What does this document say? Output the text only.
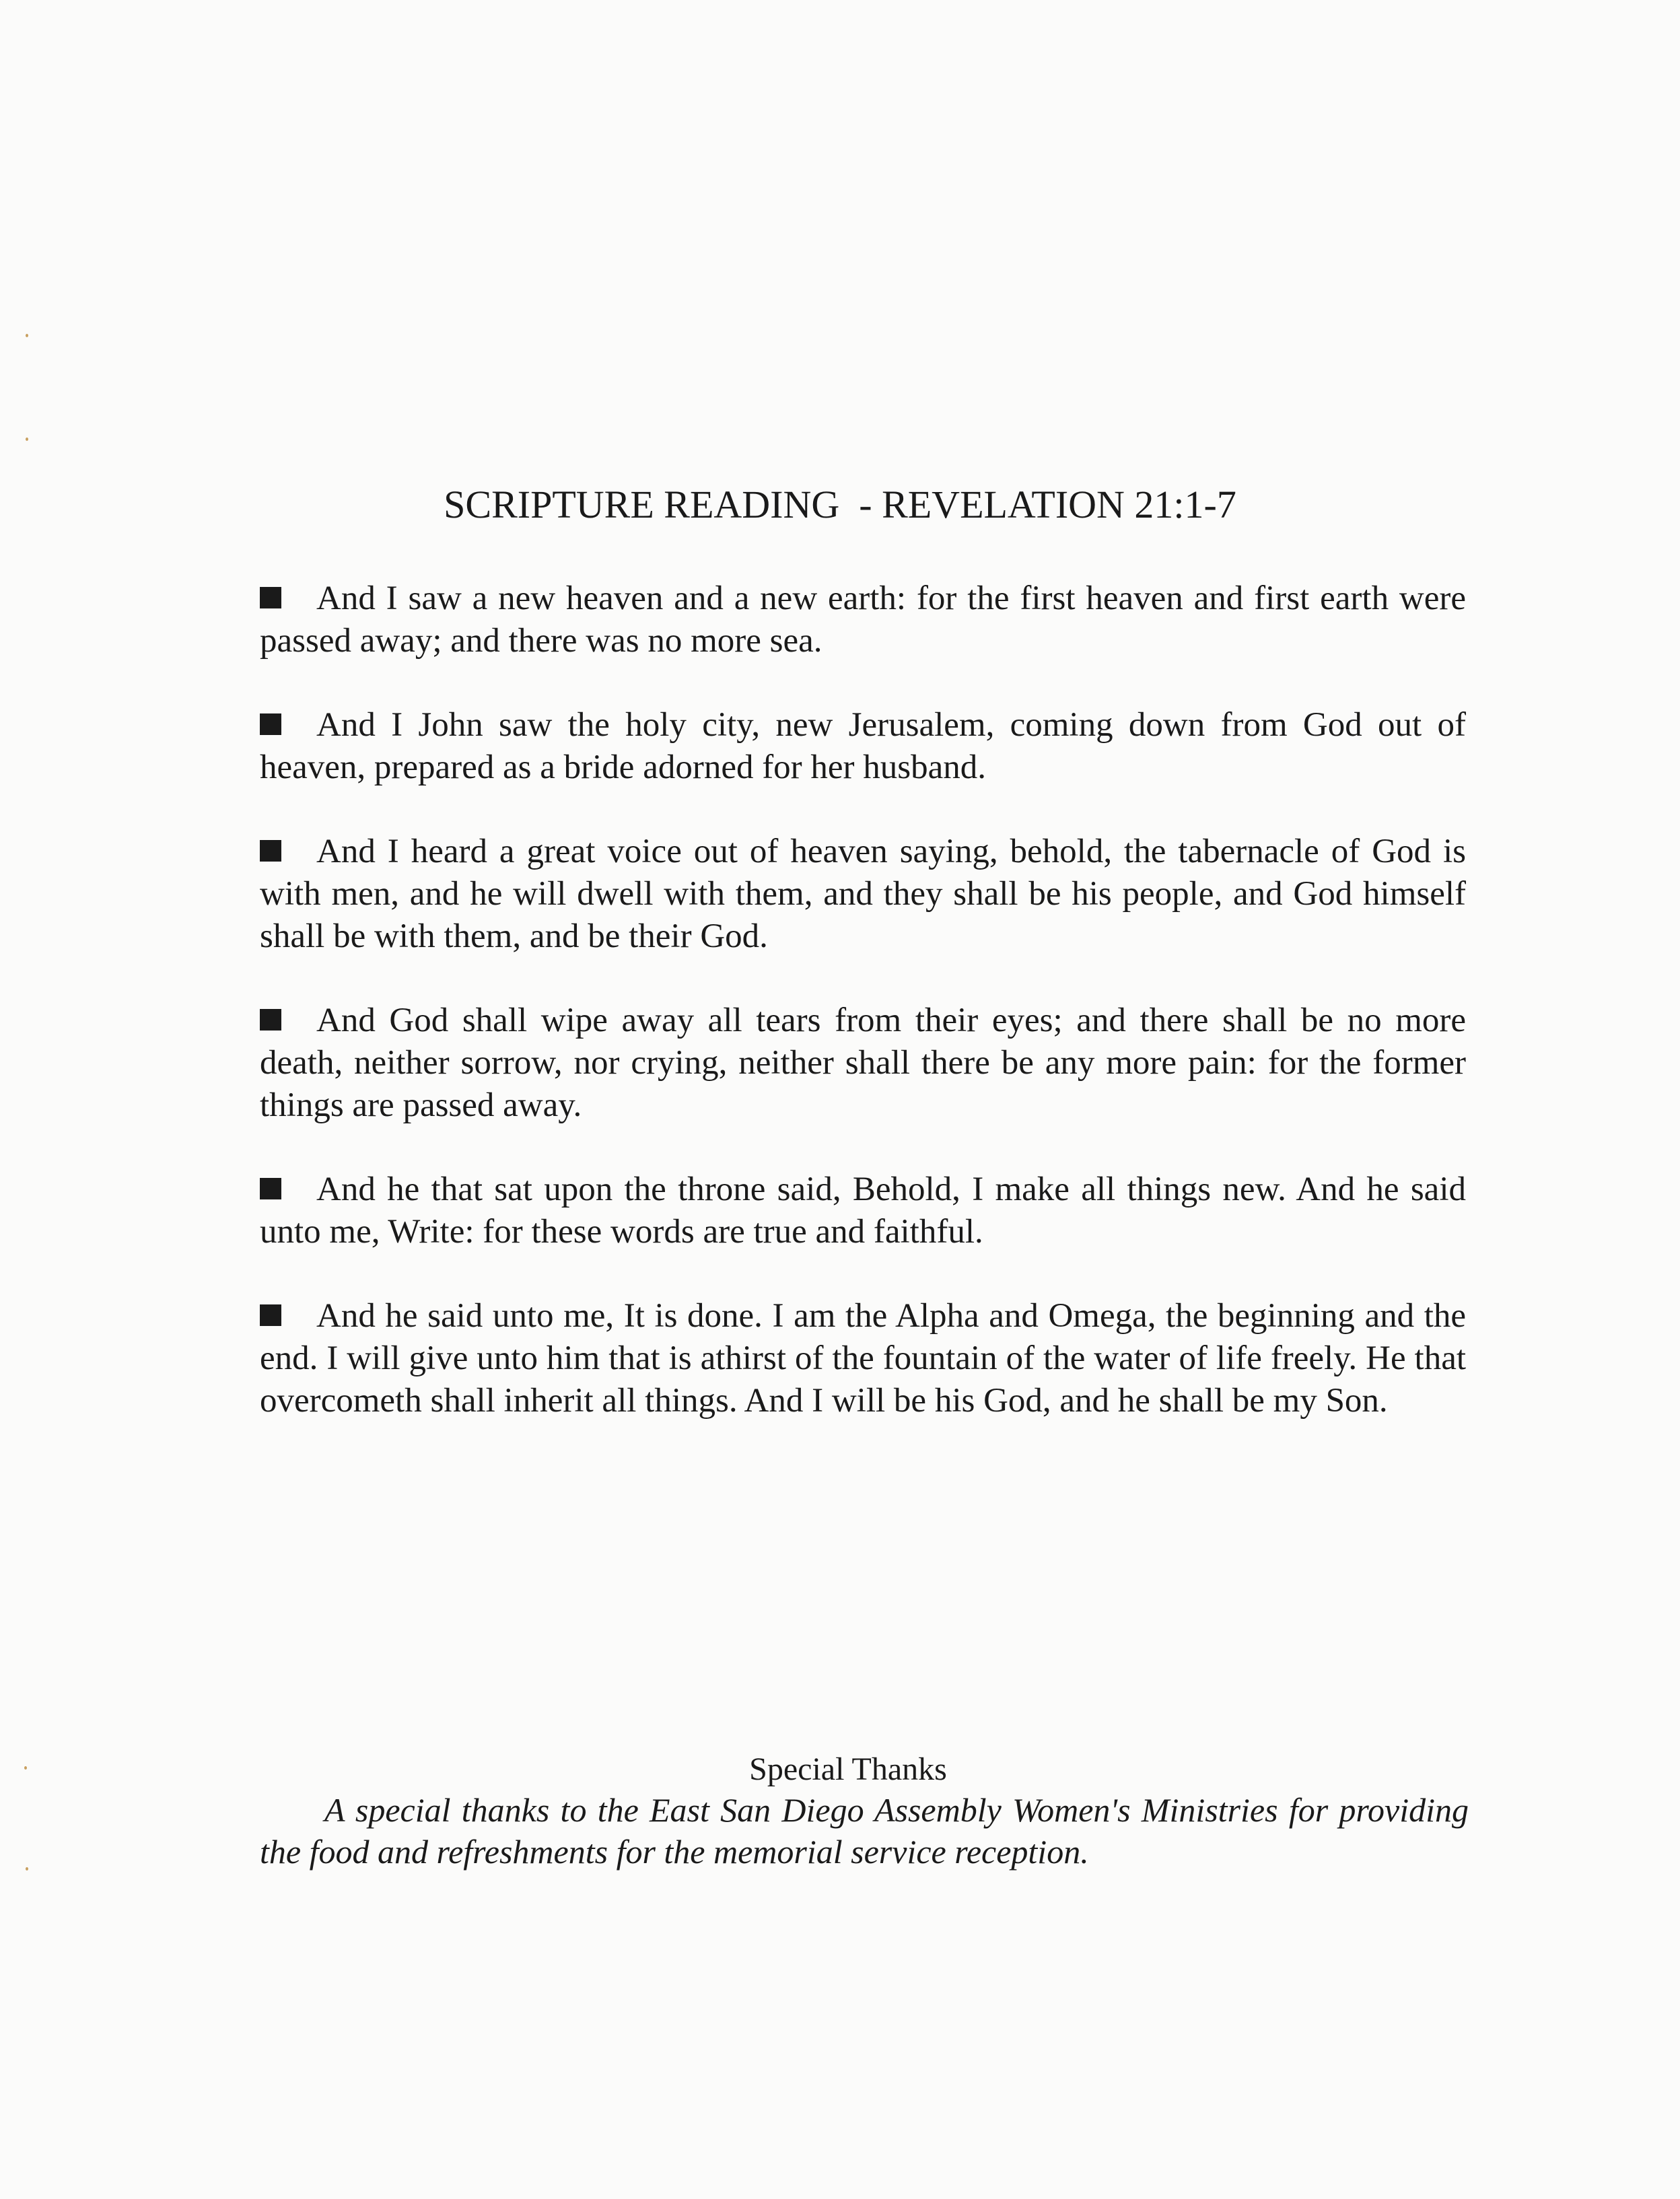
SCRIPTURE READING  - REVELATION 21:1-7

And I saw a new heaven and a new earth: for the first heaven and first earth were passed away; and there was no more sea.

And I John saw the holy city, new Jerusalem, coming down from God out of heaven, prepared as a bride adorned for her husband.

And I heard a great voice out of heaven saying, behold, the tabernacle of God is with men, and he will dwell with them, and they shall be his people, and God himself shall be with them, and be their God.

And God shall wipe away all tears from their eyes; and there shall be no more death, neither sorrow, nor crying, neither shall there be any more pain: for the former things are passed away.

And he that sat upon the throne said, Behold, I make all things new. And he said unto me, Write: for these words are true and faithful.

And he said unto me, It is done. I am the Alpha and Omega, the beginning and the end. I will give unto him that is athirst of the fountain of the water of life freely. He that overcometh shall inherit all things. And I will be his God, and he shall be my Son.

Special Thanks
A special thanks to the East San Diego Assembly Women's Ministries for providing the food and refreshments for the memorial service reception.
